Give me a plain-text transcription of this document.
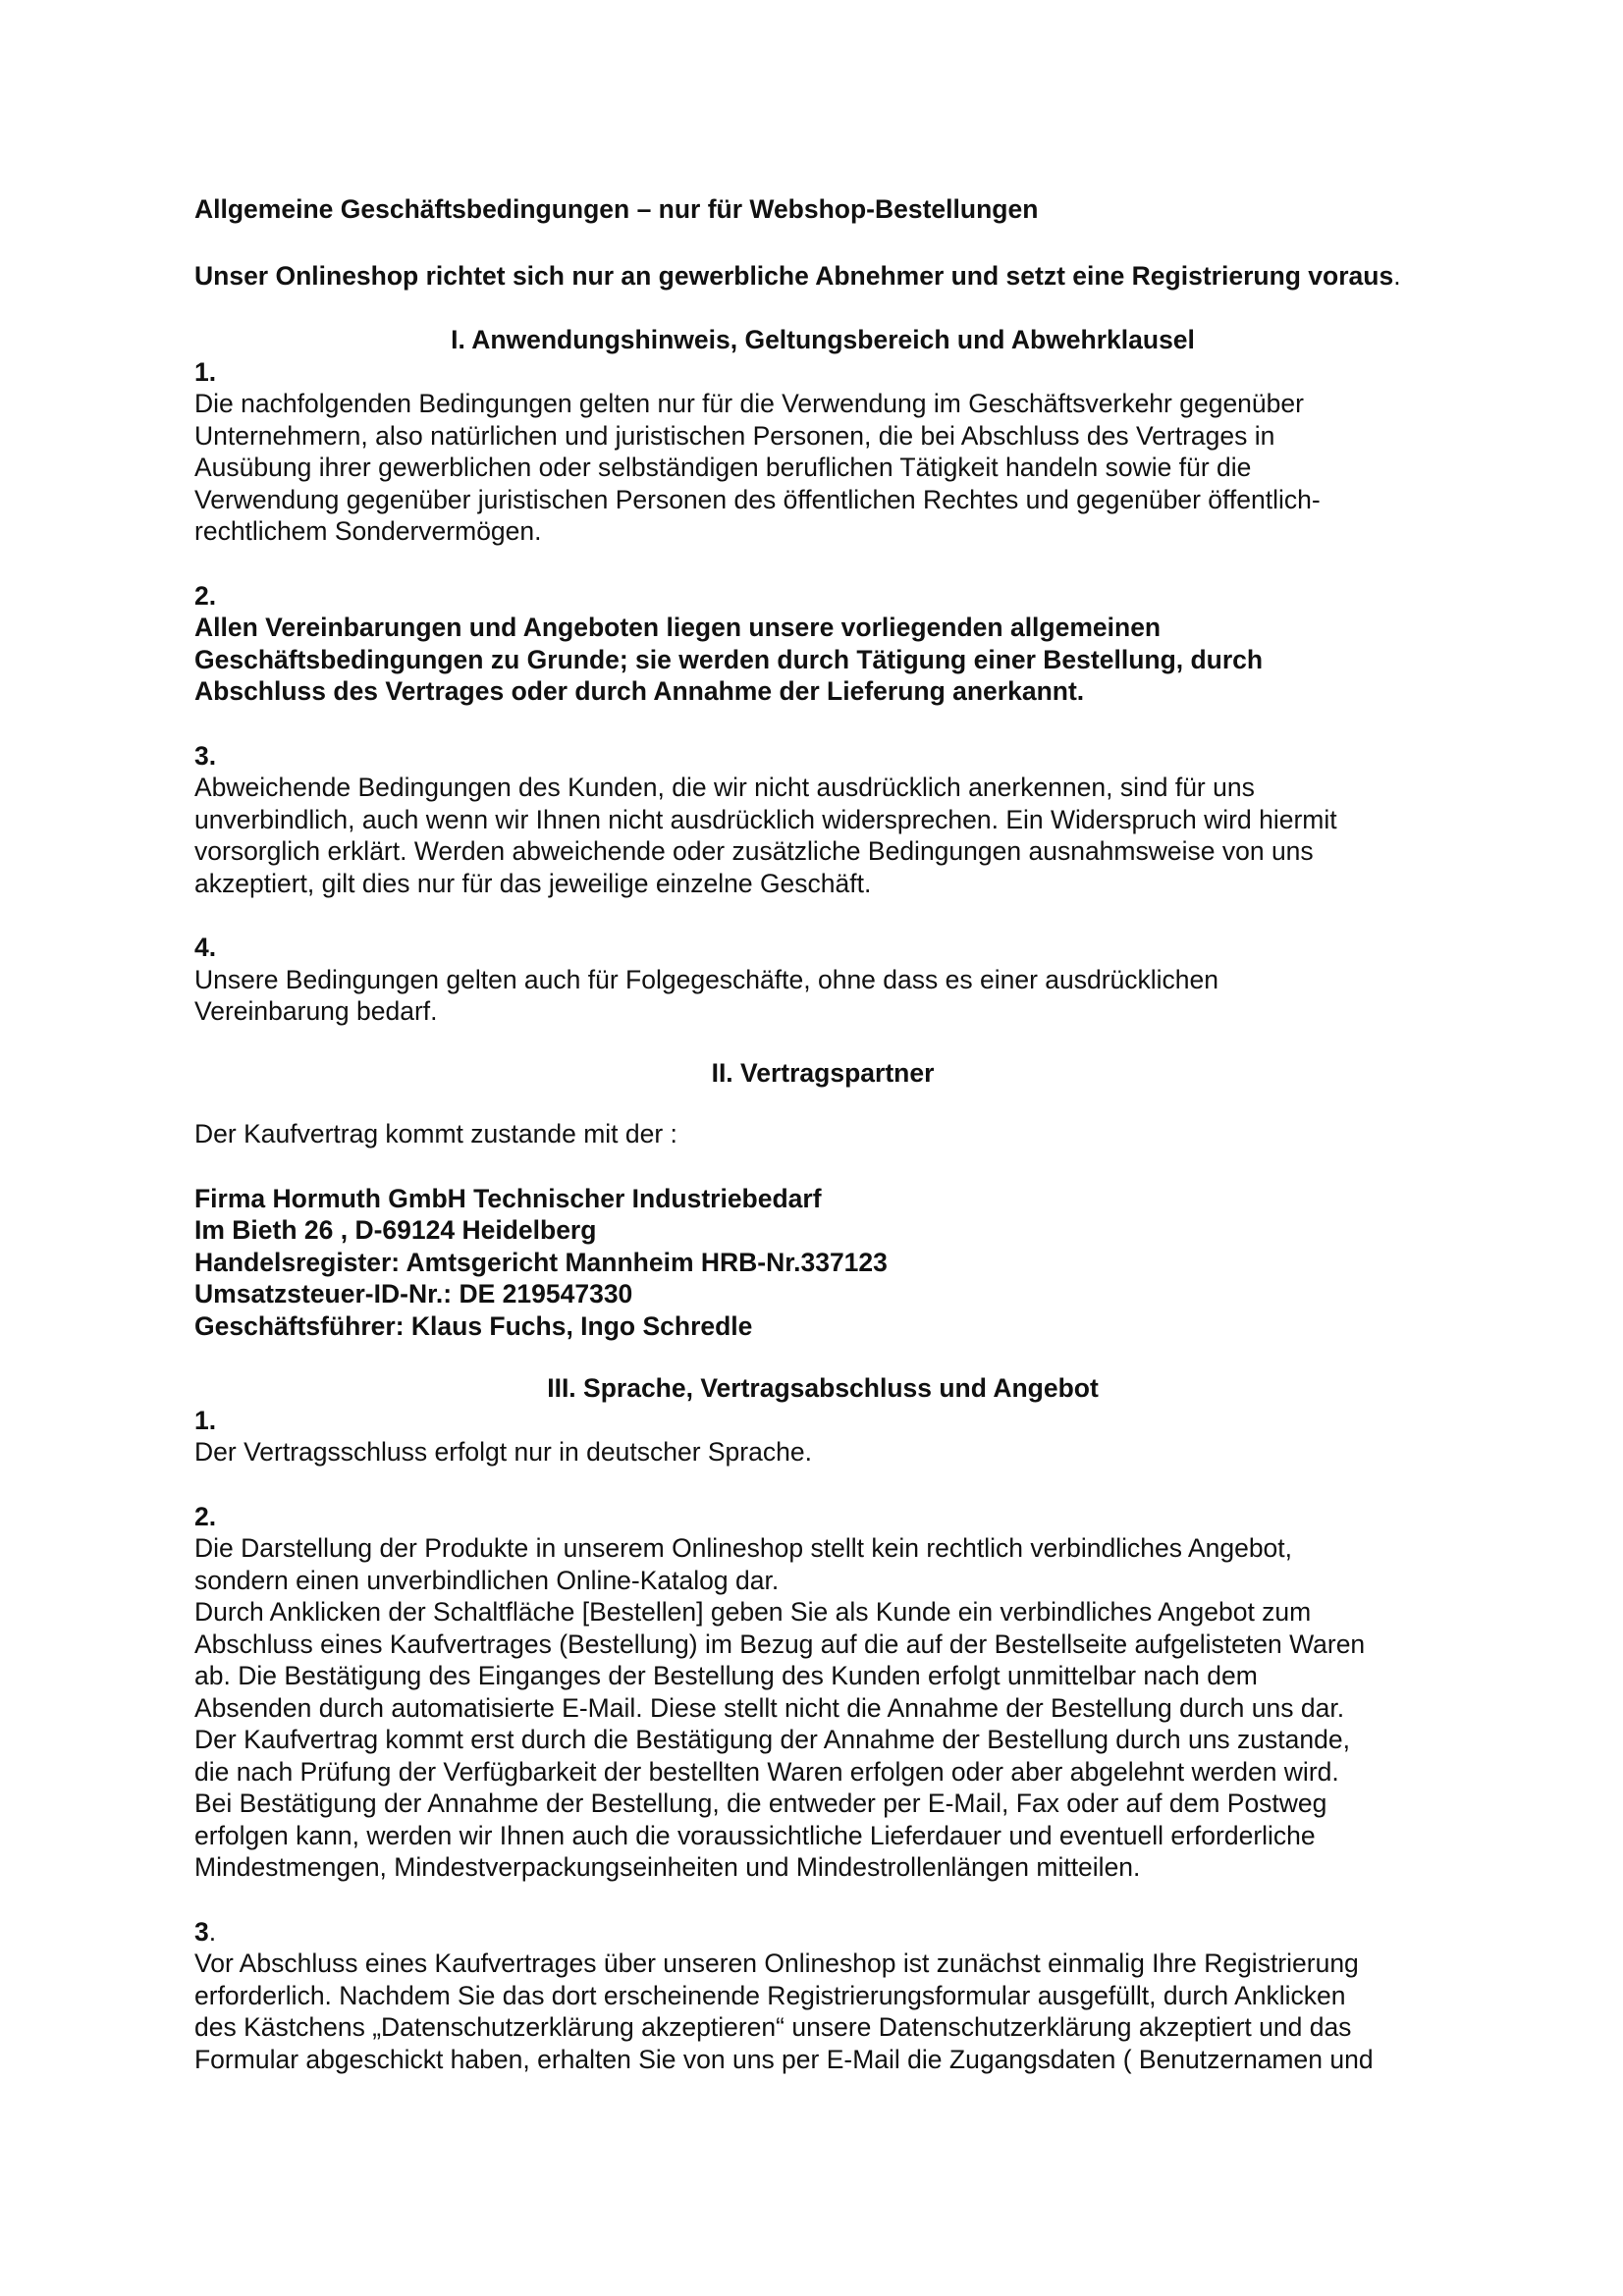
Allgemeine Geschäftsbedingungen – nur für Webshop-Bestellungen

Unser Onlineshop richtet sich nur an gewerbliche Abnehmer und setzt eine Registrierung voraus.

I. Anwendungshinweis, Geltungsbereich und Abwehrklausel

1.

Die nachfolgenden Bedingungen gelten nur für die Verwendung im Geschäftsverkehr gegenüber
Unternehmern, also natürlichen und juristischen Personen, die bei Abschluss des Vertrages in
Ausübung ihrer gewerblichen oder selbständigen beruflichen Tätigkeit handeln sowie für die
Verwendung gegenüber juristischen Personen des öffentlichen Rechtes und gegenüber öffentlich-
rechtlichem Sondervermögen.

2.

Allen Vereinbarungen und Angeboten liegen unsere vorliegenden allgemeinen
Geschäftsbedingungen zu Grunde; sie werden durch Tätigung einer Bestellung, durch
Abschluss des Vertrages oder durch Annahme der Lieferung anerkannt.

3.

Abweichende Bedingungen des Kunden, die wir nicht ausdrücklich anerkennen, sind für uns
unverbindlich, auch wenn wir Ihnen nicht ausdrücklich widersprechen. Ein Widerspruch wird hiermit
vorsorglich erklärt. Werden abweichende oder zusätzliche Bedingungen ausnahmsweise von uns
akzeptiert, gilt dies nur für das jeweilige einzelne Geschäft.

4.

Unsere Bedingungen gelten auch für Folgegeschäfte, ohne dass es einer ausdrücklichen
Vereinbarung bedarf.

II. Vertragspartner

Der Kaufvertrag kommt zustande mit der :

Firma Hormuth GmbH Technischer Industriebedarf

Im Bieth 26 , D-69124 Heidelberg

Handelsregister: Amtsgericht Mannheim HRB-Nr.337123

Umsatzsteuer-ID-Nr.: DE 219547330

Geschäftsführer: Klaus Fuchs, Ingo Schredle

III. Sprache, Vertragsabschluss und Angebot

1.

Der Vertragsschluss erfolgt nur in deutscher Sprache.

2.

Die Darstellung der Produkte in unserem Onlineshop stellt kein rechtlich verbindliches Angebot,
sondern einen unverbindlichen Online-Katalog dar.
Durch Anklicken der Schaltfläche [Bestellen] geben Sie als Kunde ein verbindliches Angebot zum
Abschluss eines Kaufvertrages (Bestellung) im Bezug auf die auf der Bestellseite aufgelisteten Waren
ab. Die Bestätigung des Einganges der Bestellung des Kunden erfolgt unmittelbar nach dem
Absenden durch automatisierte E-Mail. Diese stellt nicht die Annahme der Bestellung durch uns dar.
Der Kaufvertrag kommt erst durch die Bestätigung der Annahme der Bestellung durch uns zustande,
die nach Prüfung der Verfügbarkeit der bestellten Waren erfolgen oder aber abgelehnt werden wird.
Bei Bestätigung der Annahme der Bestellung, die entweder per E-Mail, Fax oder auf dem Postweg
erfolgen kann, werden wir Ihnen auch die voraussichtliche Lieferdauer und eventuell erforderliche
Mindestmengen, Mindestverpackungseinheiten und Mindestrollenlängen mitteilen.

3.

Vor Abschluss eines Kaufvertrages über unseren Onlineshop ist zunächst einmalig Ihre Registrierung
erforderlich. Nachdem Sie das dort erscheinende Registrierungsformular ausgefüllt, durch Anklicken
des Kästchens „Datenschutzerklärung akzeptieren“ unsere Datenschutzerklärung akzeptiert und das
Formular abgeschickt haben, erhalten Sie von uns per E-Mail die Zugangsdaten ( Benutzernamen und
